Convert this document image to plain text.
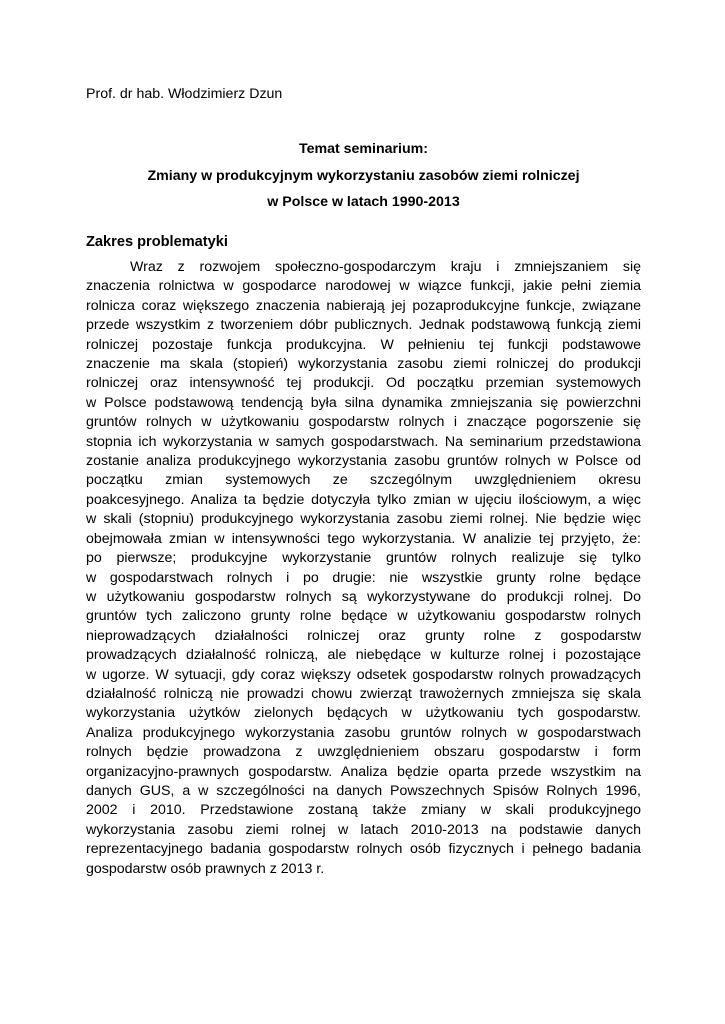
Prof. dr hab. Włodzimierz Dzun
Temat seminarium:
Zmiany w produkcyjnym wykorzystaniu zasobów ziemi rolniczej
w Polsce w latach 1990-2013
Zakres problematyki
Wraz z rozwojem społeczno-gospodarczym kraju i zmniejszaniem się
znaczenia rolnictwa w gospodarce narodowej w wiązce funkcji, jakie pełni ziemia
rolnicza coraz większego znaczenia nabierają jej pozaprodukcyjne funkcje, związane
przede wszystkim z tworzeniem dóbr publicznych. Jednak podstawową funkcją ziemi
rolniczej pozostaje funkcja produkcyjna. W pełnieniu tej funkcji podstawowe
znaczenie ma skala (stopień) wykorzystania zasobu ziemi rolniczej do produkcji
rolniczej oraz intensywność tej produkcji. Od początku przemian systemowych
w Polsce podstawową tendencją była silna dynamika zmniejszania się powierzchni
gruntów rolnych w użytkowaniu gospodarstw rolnych i znaczące pogorszenie się
stopnia ich wykorzystania w samych gospodarstwach. Na seminarium przedstawiona
zostanie analiza produkcyjnego wykorzystania zasobu gruntów rolnych w Polsce od
początku zmian systemowych ze szczególnym uwzględnieniem okresu
poakcesyjnego. Analiza ta będzie dotyczyła tylko zmian w ujęciu ilościowym, a więc
w skali (stopniu) produkcyjnego wykorzystania zasobu ziemi rolnej. Nie będzie więc
obejmowała zmian w intensywności tego wykorzystania. W analizie tej przyjęto, że:
po pierwsze; produkcyjne wykorzystanie gruntów rolnych realizuje się tylko
w gospodarstwach rolnych i po drugie: nie wszystkie grunty rolne będące
w użytkowaniu gospodarstw rolnych są wykorzystywane do produkcji rolnej. Do
gruntów tych zaliczono grunty rolne będące w użytkowaniu gospodarstw rolnych
nieprowadzących działalności rolniczej oraz grunty rolne z gospodarstw
prowadzących działalność rolniczą, ale niebędące w kulturze rolnej i pozostające
w ugorze. W sytuacji, gdy coraz większy odsetek gospodarstw rolnych prowadzących
działalność rolniczą nie prowadzi chowu zwierząt trawożernych zmniejsza się skala
wykorzystania użytków zielonych będących w użytkowaniu tych gospodarstw.
Analiza produkcyjnego wykorzystania zasobu gruntów rolnych w gospodarstwach
rolnych będzie prowadzona z uwzględnieniem obszaru gospodarstw i form
organizacyjno-prawnych gospodarstw. Analiza będzie oparta przede wszystkim na
danych GUS, a w szczególności na danych Powszechnych Spisów Rolnych 1996,
2002 i 2010. Przedstawione zostaną także zmiany w skali produkcyjnego
wykorzystania zasobu ziemi rolnej w latach 2010-2013 na podstawie danych
reprezentacyjnego badania gospodarstw rolnych osób fizycznych i pełnego badania
gospodarstw osób prawnych z 2013 r.
